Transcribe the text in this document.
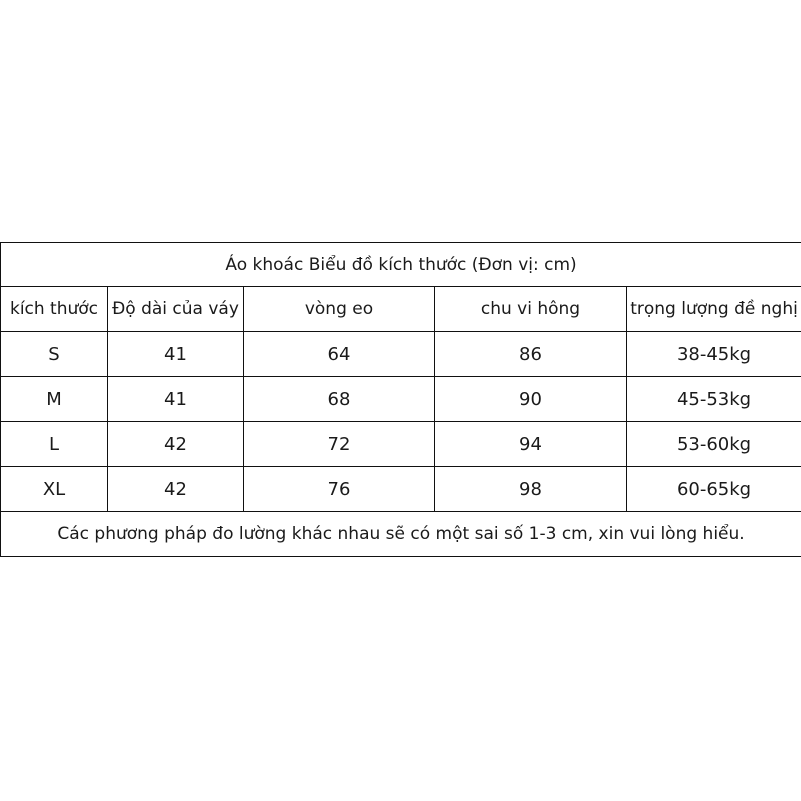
Áo khoác Biểu đồ kích thước (Đơn vị: cm)				
kích thước	Độ dài của váy	vòng eo	chu vi hông	trọng lượng đề nghị
S	41	64	86	38-45kg
M	41	68	90	45-53kg
L	42	72	94	53-60kg
XL	42	76	98	60-65kg
Các phương pháp đo lường khác nhau sẽ có một sai số 1-3 cm, xin vui lòng hiểu.				
